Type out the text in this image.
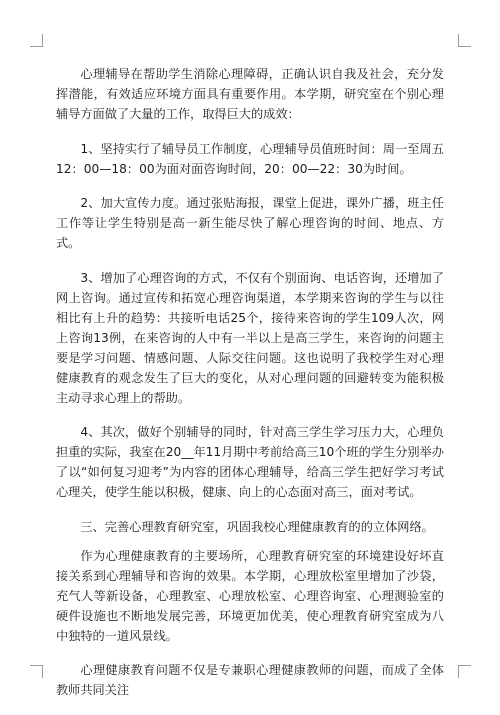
心理辅导在帮助学生消除心理障碍，正确认识自我及社会，充分发挥潜能，有效适应环境方面具有重要作用。本学期，研究室在个别心理辅导方面做了大量的工作，取得巨大的成效：

1、坚持实行了辅导员工作制度，心理辅导员值班时间：周一至周五12：00—18：00为面对面咨询时间，20：00—22：30为时间。

2、加大宣传力度。通过张贴海报，课堂上促进，课外广播，班主任工作等让学生特别是高一新生能尽快了解心理咨询的时间、地点、方式。

3、增加了心理咨询的方式，不仅有个别面询、电话咨询，还增加了网上咨询。通过宣传和拓宽心理咨询渠道，本学期来咨询的学生与以往相比有上升的趋势：共接听电话25个，接待来咨询的学生109人次，网上咨询13例，在来咨询的人中有一半以上是高三学生，来咨询的问题主要是学习问题、情感问题、人际交往问题。这也说明了我校学生对心理健康教育的观念发生了巨大的变化，从对心理问题的回避转变为能积极主动寻求心理上的帮助。

4、其次，做好个别辅导的同时，针对高三学生学习压力大，心理负担重的实际，我室在20__年11月期中考前给高三10个班的学生分别举办了以“如何复习迎考”为内容的团体心理辅导，给高三学生把好学习考试心理关，使学生能以积极，健康、向上的心态面对高三，面对考试。

三、完善心理教育研究室，巩固我校心理健康教育的的立体网络。

作为心理健康教育的主要场所，心理教育研究室的环境建设好坏直接关系到心理辅导和咨询的效果。本学期，心理放松室里增加了沙袋，充气人等新设备，心理教室、心理放松室、心理咨询室、心理测验室的硬件设施也不断地发展完善，环境更加优美，使心理教育研究室成为八中独特的一道风景线。

心理健康教育问题不仅是专兼职心理健康教师的问题，而成了全体教师共同关注
